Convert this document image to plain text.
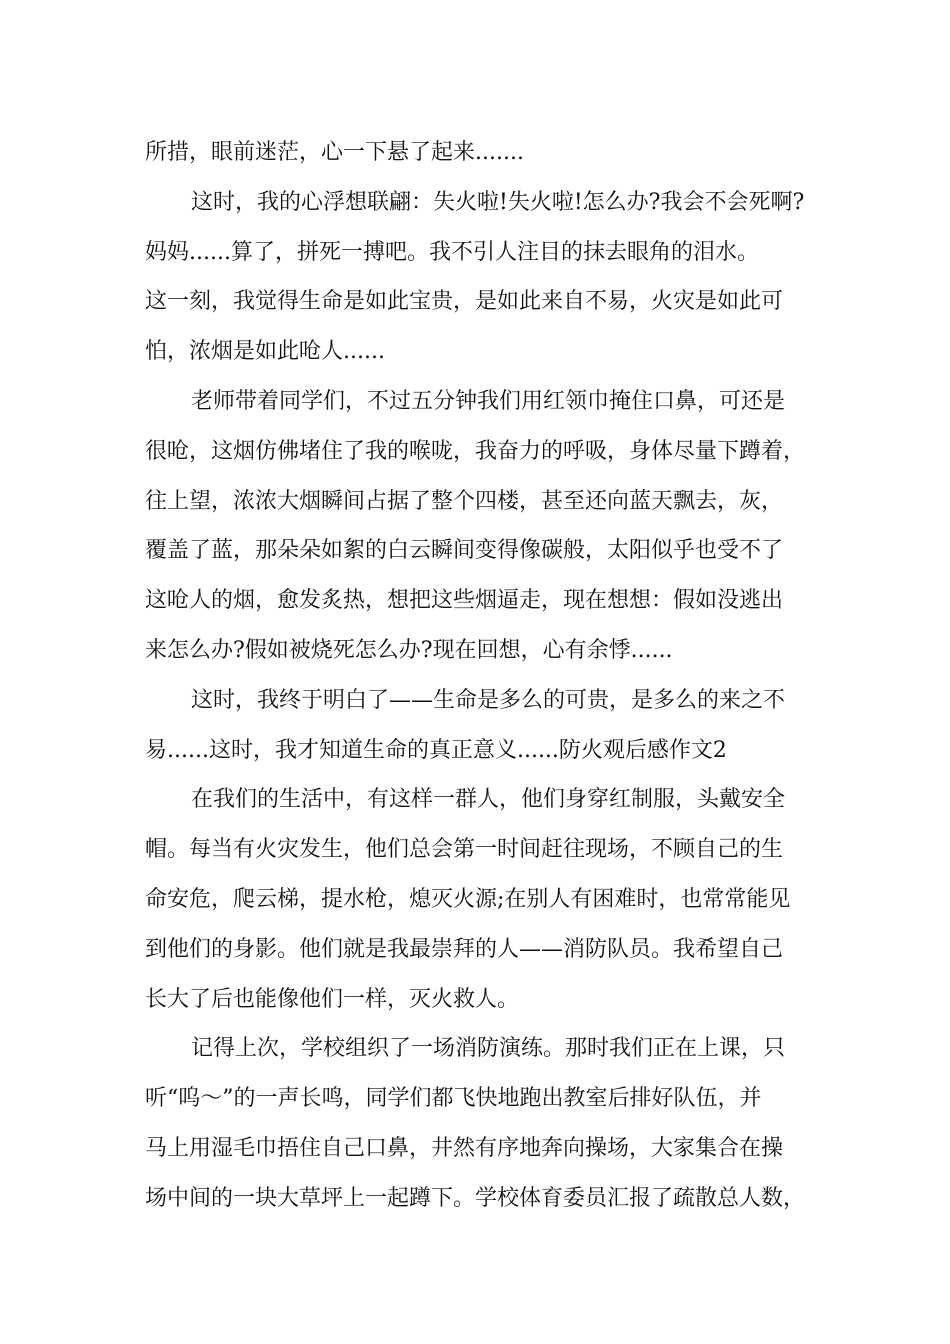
所措，眼前迷茫，心一下悬了起来.......
这时，我的心浮想联翩：失火啦!失火啦!怎么办?我会不会死啊?
妈妈......算了，拼死一搏吧。我不引人注目的抹去眼角的泪水。
这一刻，我觉得生命是如此宝贵，是如此来自不易，火灾是如此可
怕，浓烟是如此呛人......
老师带着同学们，不过五分钟我们用红领巾掩住口鼻，可还是
很呛，这烟仿佛堵住了我的喉咙，我奋力的呼吸，身体尽量下蹲着，
往上望，浓浓大烟瞬间占据了整个四楼，甚至还向蓝天飘去，灰，
覆盖了蓝，那朵朵如絮的白云瞬间变得像碳般，太阳似乎也受不了
这呛人的烟，愈发炙热，想把这些烟逼走，现在想想：假如没逃出
来怎么办?假如被烧死怎么办?现在回想，心有余悸......
这时，我终于明白了——生命是多么的可贵，是多么的来之不
易......这时，我才知道生命的真正意义......防火观后感作文2
在我们的生活中，有这样一群人，他们身穿红制服，头戴安全
帽。每当有火灾发生，他们总会第一时间赶往现场，不顾自己的生
命安危，爬云梯，提水枪，熄灭火源;在别人有困难时，也常常能见
到他们的身影。他们就是我最崇拜的人——消防队员。我希望自己
长大了后也能像他们一样，灭火救人。
记得上次，学校组织了一场消防演练。那时我们正在上课，只
听“呜～”的一声长鸣，同学们都飞快地跑出教室后排好队伍，并
马上用湿毛巾捂住自己口鼻，井然有序地奔向操场，大家集合在操
场中间的一块大草坪上一起蹲下。学校体育委员汇报了疏散总人数，
